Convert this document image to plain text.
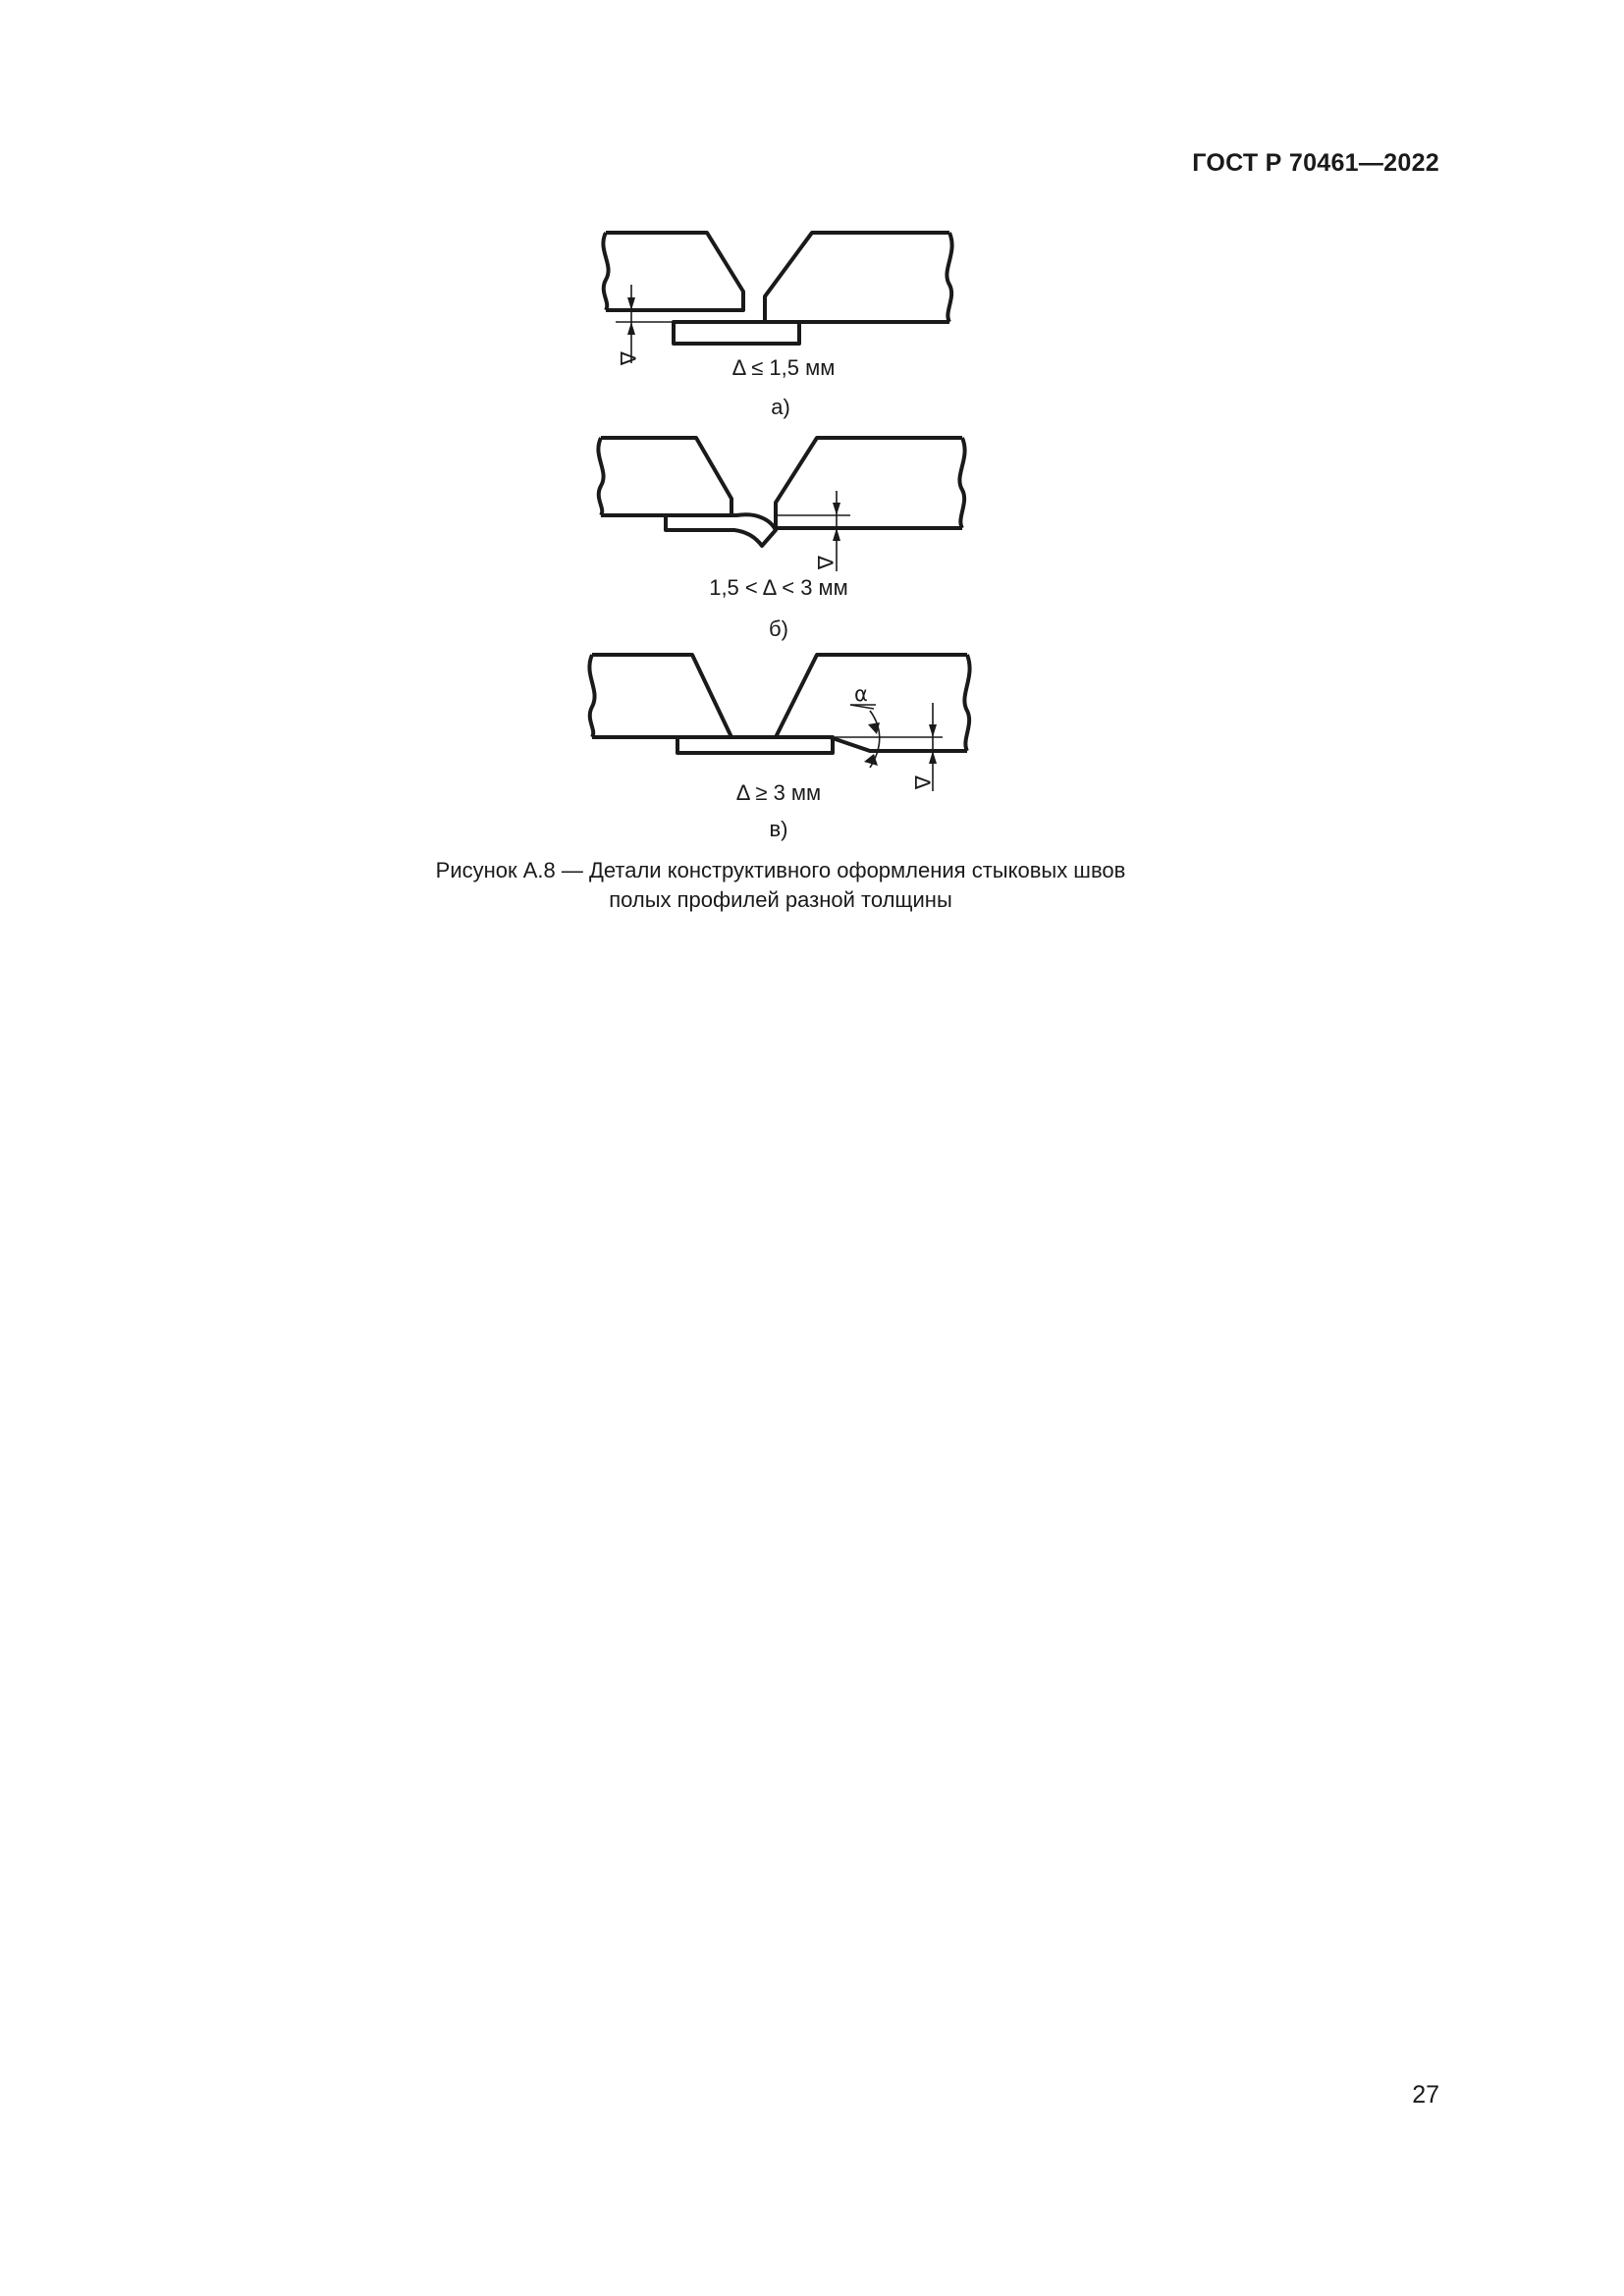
ГОСТ Р 70461—2022
Δ
Δ
Δ
α
Δ ≤ 1,5 мм
а)
1,5 < Δ < 3 мм
б)
Δ ≥ 3 мм
в)
Рисунок А.8 — Детали конструктивного оформления стыковых швов
полых профилей разной толщины
27
